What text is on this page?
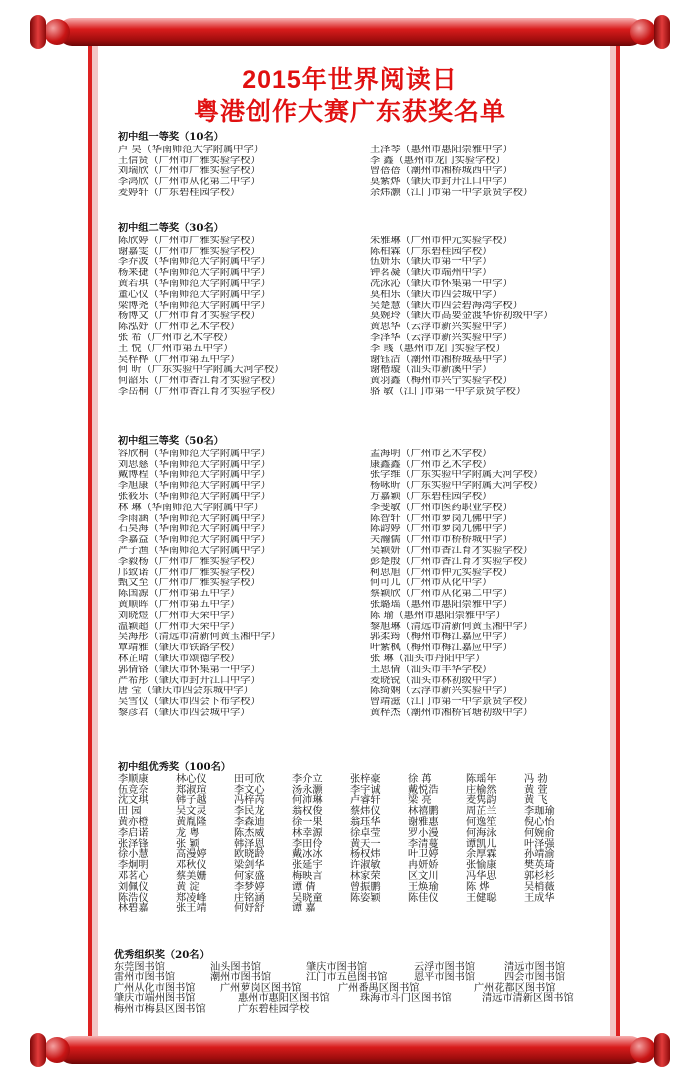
2015年世界阅读日
粤港创作大赛广东获奖名单
初中组一等奖（10名）
卢 昊（华南师范大学附属中学）	王泽琴（惠州市惠阳崇雅中学）
王信贤（广州市广雅实验学校）	李 鑫（惠州市龙门实验学校）
刘瑞欣（广州市广雅实验学校）	曾蓓蓓（潮州市湘桥城西中学）
李鸿欣（广州市从化第二中学）	莫紫烨（肇庆市封开江口中学）
麦婷轩（广东碧桂园学校）	余炜灏（江门市第一中学景贤学校）
初中组二等奖（30名）
陈欣婷（广州市广雅实验学校）	朱雅琳（广州市仲元实验学校）
谢嘉雯（广州市广雅实验学校）	陈柏霖（广东碧桂园学校）
李乔波（华南师范大学附属中学）	伍妍乐（肇庆市第一中学）
杨来捷（华南师范大学附属中学）	钟茗凝（肇庆市端州中学）
黄若琪（华南师范大学附属中学）	冼泳沁（肇庆市怀集第一中学）
董心仪（华南师范大学附属中学）	莫柏乐（肇庆市四会城中学）
梁博尧（华南师范大学附属中学）	吴楚慧（肇庆市四会碧海湾学校）
杨博文（广州市育才实验学校）	莫婉玲（肇庆市高要金渡华侨初级中学）
陈泓妤（广州市艺术学校）	黄思华（云浮市新兴实验中学）
张 希（广州市艺术学校）	李泽华（云浮市新兴实验中学）
王 悦（广州市第五中学）	李 彧（惠州市龙门实验学校）
吴梓桦（广州市第五中学）	谢钰洁（潮州市湘桥城基中学）
何 昕（广东实验中学附属天河学校）	谢楷璇（汕头市新溪中学）
何韶乐（广州市香江育才实验学校）	黄羽鑫（梅州市兴宁实验学校）
李岳桐（广州市香江育才实验学校）	骆 敏（江门市第一中学景贤学校）
初中组三等奖（50名）
容欣桐（华南师范大学附属中学）	孟海明（广州市艺术学校）
刘思慈（华南师范大学附属中学）	康鑫鑫（广州市艺术学校）
戴博程（华南师范大学附属中学）	张学维（广东实验中学附属天河学校）
李旭康（华南师范大学附属中学）	杨咏昕（广东实验中学附属天河学校）
张筱乐（华南师范大学附属中学）	方嘉颖（广东碧桂园学校）
林 琳（华南师范大学附属中学）	李斐敏（广州市医药职业学校）
李雨涵（华南师范大学附属中学）	陈智轩（广州市萝岗九佛中学）
石昊海（华南师范大学附属中学）	陈韵婷（广州市萝岗九佛中学）
李嘉益（华南师范大学附属中学）	关瀚儒（广州市市桥桥城中学）
严子渔（华南师范大学附属中学）	吴颖妍（广州市香江育才实验学校）
李毅杨（广州市广雅实验学校）	彭楚殷（广州市香江育才实验学校）
邝致诺（广州市广雅实验学校）	柯思旭（广州市仲元实验学校）
甄文至（广州市广雅实验学校）	何可儿（广州市从化中学）
陈国源（广州市第五中学）	蔡颖欣（广州市从化第二中学）
黄顺晖（广州市第五中学）	张璐瑶（惠州市惠阳崇雅中学）
刘晓煜（广州市天荣中学）	陈 瑜（惠州市惠阳崇雅中学）
温颖超（广州市天荣中学）	黎旭琳（清远市清新何黄玉湘中学）
吴海彤（清远市清新何黄玉湘中学）	郭柔筠（梅州市梅江嘉应中学）
覃靖雅（肇庆市铁路学校）	叶紫枫（梅州市梅江嘉应中学）
林芷晴（肇庆市颂德学校）	张 琳（汕头市丹阳中学）
郭倩铬（肇庆市怀集第一中学）	王思倩（汕头市丰华学校）
严希彤（肇庆市封开江口中学）	麦晓锐（汕头市林初级中学）
唐 莹（肇庆市四会东城中学）	陈绮娴（云浮市新兴实验中学）
吴雪仪（肇庆市四会下布学校）	曾靖滋（江门市第一中学景贤学校）
黎彦君（肇庆市四会城中学）	黄梓杰（潮州市湘桥官塘初级中学）
初中组优秀奖（100名）
李顺康	林心仪	田可欣	李介立	张梓豪	徐 苒	陈瑶年	冯 勃
伍竞奈	郑淑瑄	李文心	汤永灏	李宇诚	戴悦浩	庄榆然	黄 萱
沈文琪	韩子越	冯梓芮	何沛琳	卢睿轩	梁 亮	麦隽韵	黄 飞
田 园	吴文灵	李民龙	翁权俊	蔡炜仪	林禧鹏	周芷兰	李珈瑜
黄亦橙	黄胤隆	李森迪	徐一果	翁珏华	谢雅惠	何逸笙	倪心怡
李启诺	龙 粤	陈杰威	林幸源	徐卓莹	罗小漫	何海泳	何婉俞
张泽锋	张 颖	韩泽恩	李田伶	黄天一	李清蔓	谭凯儿	叶泽强
徐小慧	高漫婷	欧晓龄	戴冰冰	杨权炜	叶卫婷	余厚霖	孙靖渝
李炯明	邓秋仪	梁剑华	张延宇	许淑敏	冉妍娇	张愉康	樊英琦
邓茗心	蔡美姗	何家盛	梅映言	林家荣	区文川	冯华思	郭杉杉
刘佩仪	黄 淀	李梦婷	谭 倩	曾振鹏	王焕瑜	陈 烨	吴梢薇
陈浩仪	郑凌峰	庄铭涵	吴晓童	陈姿颖	陈佳仪	王健聪	王成华
林碧嘉	张王靖	何妤舒	谭 嘉
优秀组织奖（20名）
东莞图书馆	汕头图书馆	肇庆市图书馆	云浮市图书馆	清远市图书馆
雷州市图书馆	潮州市图书馆	江门市五邑图书馆	恩平市图书馆	四会市图书馆
广州从化市图书馆 广州萝岗区图书馆	广州番禺区图书馆	广州花都区图书馆
肇庆市端州图书馆	惠州市惠阳区图书馆	珠海市斗门区图书馆	清远市清新区图书馆
梅州市梅县区图书馆	广东碧桂园学校
